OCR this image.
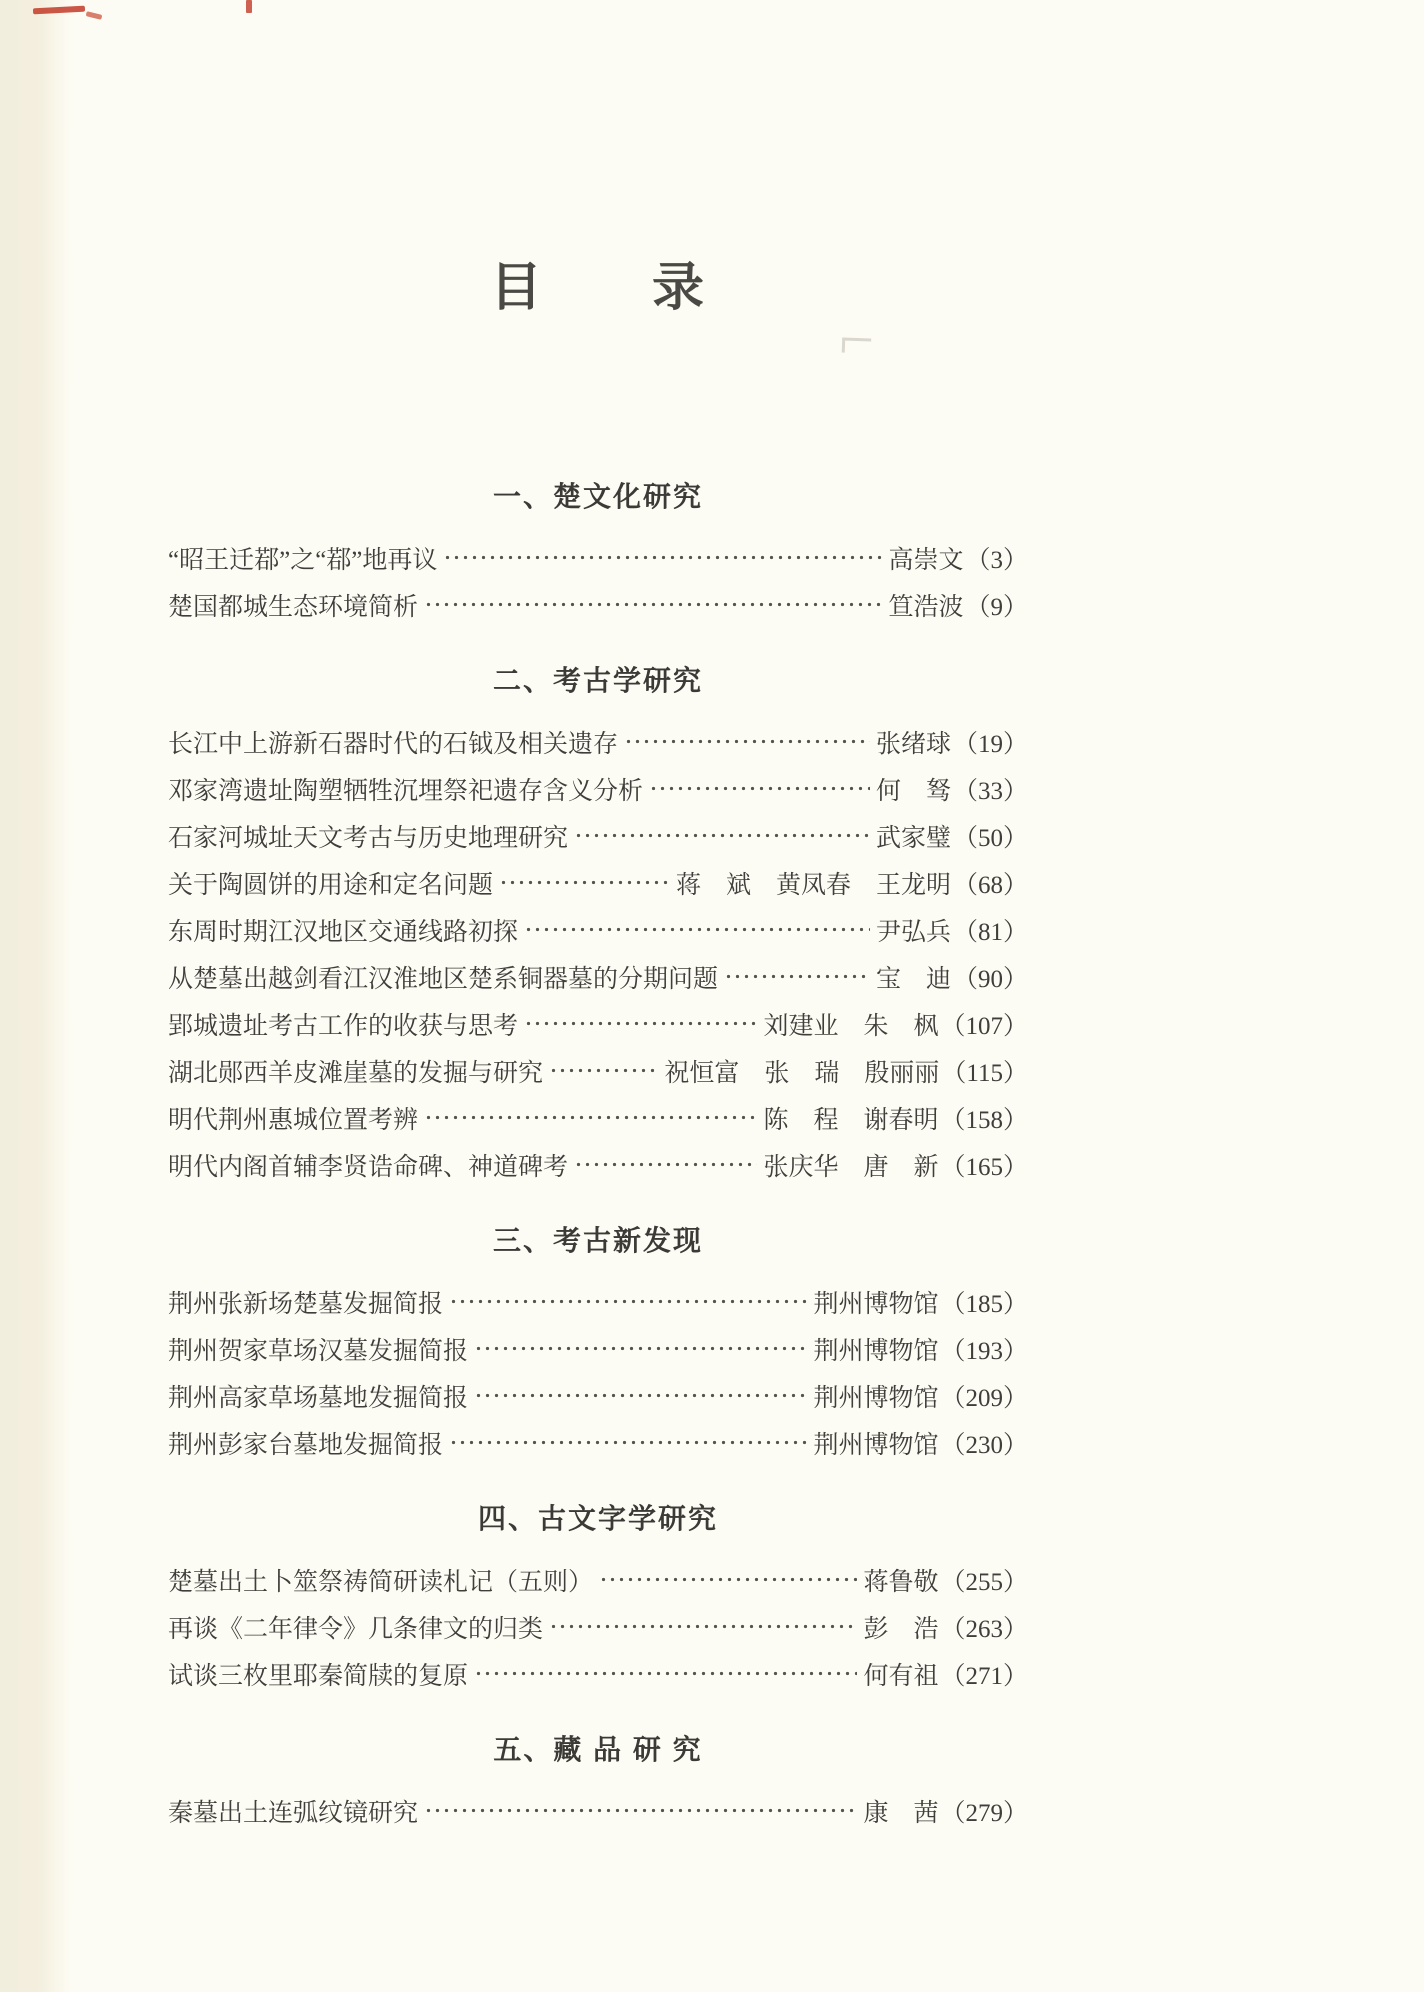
目　　录
一、楚文化研究
“昭王迁鄀”之“鄀”地再议	高崇文（3）
楚国都城生态环境简析	笪浩波（9）
二、考古学研究
长江中上游新石器时代的石钺及相关遗存	张绪球（19）
邓家湾遗址陶塑牺牲沉埋祭祀遗存含义分析	何　驽（33）
石家河城址天文考古与历史地理研究	武家璧（50）
关于陶圆饼的用途和定名问题	蒋　斌　黄凤春　王龙明（68）
东周时期江汉地区交通线路初探	尹弘兵（81）
从楚墓出越剑看江汉淮地区楚系铜器墓的分期问题	宝　迪（90）
郢城遗址考古工作的收获与思考	刘建业　朱　枫（107）
湖北郧西羊皮滩崖墓的发掘与研究	祝恒富　张　瑞　殷丽丽（115）
明代荆州惠城位置考辨	陈　程　谢春明（158）
明代内阁首辅李贤诰命碑、神道碑考	张庆华　唐　新（165）
三、考古新发现
荆州张新场楚墓发掘简报	荆州博物馆（185）
荆州贺家草场汉墓发掘简报	荆州博物馆（193）
荆州高家草场墓地发掘简报	荆州博物馆（209）
荆州彭家台墓地发掘简报	荆州博物馆（230）
四、古文字学研究
楚墓出土卜筮祭祷简研读札记（五则）	蒋鲁敬（255）
再谈《二年律令》几条律文的归类	彭　浩（263）
试谈三枚里耶秦简牍的复原	何有祖（271）
五、藏 品 研 究
秦墓出土连弧纹镜研究	康　茜（279）
